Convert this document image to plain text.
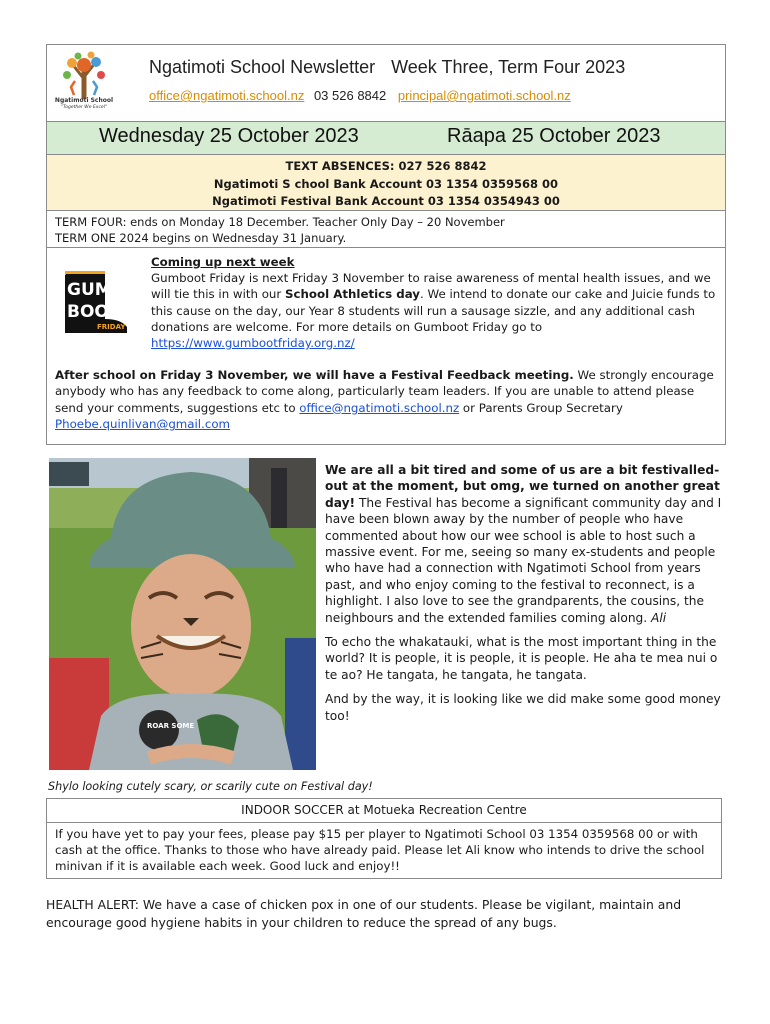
Ngatimoti School
"Together We Excel"
Ngatimoti School Newsletter Week Three, Term Four 2023
office@ngatimoti.school.nz 03 526 8842 principal@ngatimoti.school.nz
Wednesday 25 October 2023	Rāapa 25 October 2023
TEXT ABSENCES: 027 526 8842
Ngatimoti S chool Bank Account 03 1354 0359568 00
Ngatimoti Festival Bank Account 03 1354 0354943 00
TERM FOUR: ends on Monday 18 December. Teacher Only Day – 20 November
TERM ONE 2024 begins on Wednesday 31 January.
GUM
BOO
FRIDAY
Coming up next week
Gumboot Friday is next Friday 3 November to raise awareness of mental health issues, and we will tie this in with our School Athletics day. We intend to donate our cake and Juicie funds to this cause on the day, our Year 8 students will run a sausage sizzle, and any additional cash donations are welcome. For more details on Gumboot Friday go to https://www.gumbootfriday.org.nz/
After school on Friday 3 November, we will have a Festival Feedback meeting. We strongly encourage anybody who has any feedback to come along, particularly team leaders. If you are unable to attend please send your comments, suggestions etc to office@ngatimoti.school.nz or Parents Group Secretary Phoebe.quinlivan@gmail.com
ROAR SOME
Shylo looking cutely scary, or scarily cute on Festival day!

We are all a bit tired and some of us are a bit festivalled-out at the moment, but omg, we turned on another great day! The Festival has become a significant community day and I have been blown away by the number of people who have commented about how our wee school is able to host such a massive event. For me, seeing so many ex-students and people who have had a connection with Ngatimoti School from years past, and who enjoy coming to the festival to reconnect, is a highlight. I also love to see the grandparents, the cousins, the neighbours and the extended families coming along. Ali

To echo the whakatauki, what is the most important thing in the world? It is people, it is people, it is people. He aha te mea nui o te ao? He tangata, he tangata, he tangata.

And by the way, it is looking like we did make some good money too!

INDOOR SOCCER at Motueka Recreation Centre
If you have yet to pay your fees, please pay $15 per player to Ngatimoti School 03 1354 0359568 00 or with cash at the office. Thanks to those who have already paid. Please let Ali know who intends to drive the school minivan if it is available each week. Good luck and enjoy!!
HEALTH ALERT: We have a case of chicken pox in one of our students. Please be vigilant, maintain and encourage good hygiene habits in your children to reduce the spread of any bugs.
